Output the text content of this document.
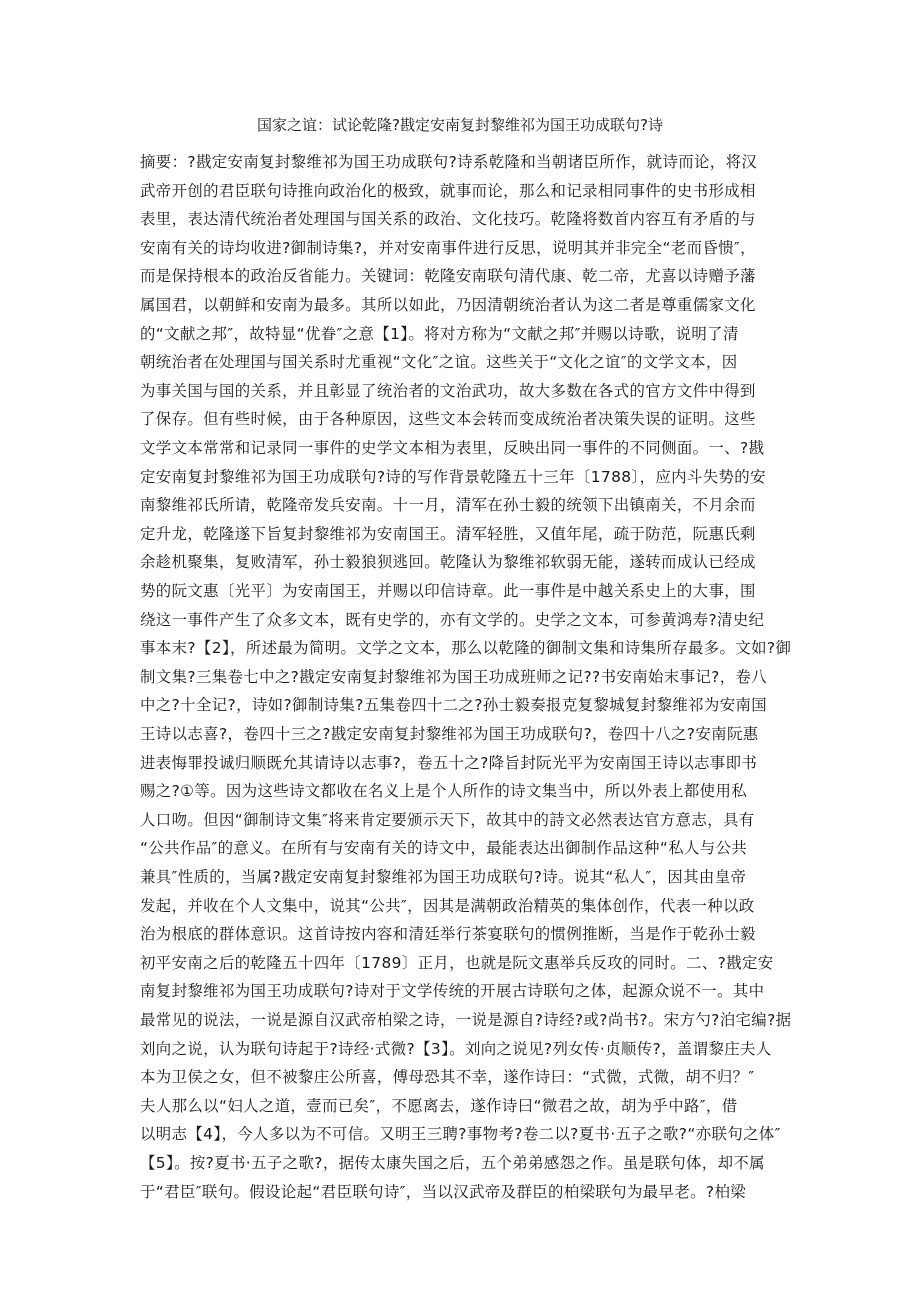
国家之谊：试论乾隆?戡定安南复封黎维祁为国王功成联句?诗
摘要：?戡定安南复封黎维祁为国王功成联句?诗系乾隆和当朝诸臣所作，就诗而论，将汉
武帝开创的君臣联句诗推向政治化的极致，就事而论，那么和记录相同事件的史书形成相
表里，表达清代统治者处理国与国关系的政治、文化技巧。乾隆将数首内容互有矛盾的与
安南有关的诗均收进?御制诗集?，并对安南事件进行反思，说明其并非完全“老而昏愦″，
而是保持根本的政治反省能力。关键词：乾隆安南联句清代康、乾二帝，尤喜以诗赠予藩
属国君，以朝鲜和安南为最多。其所以如此，乃因清朝统治者认为这二者是尊重儒家文化
的“文献之邦″，故特显“优眷″之意【1】。将对方称为“文献之邦″并赐以诗歌，说明了清
朝统治者在处理国与国关系时尤重视“文化″之谊。这些关于“文化之谊″的文学文本，因
为事关国与国的关系，并且彰显了统治者的文治武功，故大多数在各式的官方文件中得到
了保存。但有些时候，由于各种原因，这些文本会转而变成统治者决策失误的证明。这些
文学文本常常和记录同一事件的史学文本相为表里，反映出同一事件的不同侧面。一、?戡
定安南复封黎维祁为国王功成联句?诗的写作背景乾隆五十三年〔1788〕，应内斗失势的安
南黎维祁氏所请，乾隆帝发兵安南。十一月，清军在孙士毅的统领下出镇南关，不月余而
定升龙，乾隆遂下旨复封黎维祁为安南国王。清军轻胜，又值年尾，疏于防范，阮惠氏剩
余趁机聚集，复败清军，孙士毅狼狈逃回。乾隆认为黎维祁软弱无能，遂转而成认已经成
势的阮文惠〔光平〕为安南国王，并赐以印信诗章。此一事件是中越关系史上的大事，围
绕这一事件产生了众多文本，既有史学的，亦有文学的。史学之文本，可参黄鸿寿?清史纪
事本末?【2】，所述最为简明。文学之文本，那么以乾隆的御制文集和诗集所存最多。文如?御
制文集?三集卷七中之?戡定安南复封黎维祁为国王功成班师之记??书安南始末事记?，卷八
中之?十全记?，诗如?御制诗集?五集卷四十二之?孙士毅奏报克复黎城复封黎维祁为安南国
王诗以志喜?，卷四十三之?戡定安南复封黎维祁为国王功成联句?，卷四十八之?安南阮惠
进表悔罪投诚归顺既允其请诗以志事?，卷五十之?降旨封阮光平为安南国王诗以志事即书
赐之?①等。因为这些诗文都收在名义上是个人所作的诗文集当中，所以外表上都使用私
人口吻。但因“御制诗文集″将来肯定要颁示天下，故其中的詩文必然表达官方意志，具有
“公共作品″的意义。在所有与安南有关的诗文中，最能表达出御制作品这种“私人与公共
兼具″性质的，当属?戡定安南复封黎维祁为国王功成联句?诗。说其“私人″，因其由皇帝
发起，并收在个人文集中，说其“公共″，因其是满朝政治精英的集体创作，代表一种以政
治为根底的群体意识。这首诗按内容和清廷举行茶宴联句的惯例推断，当是作于乾孙士毅
初平安南之后的乾隆五十四年〔1789〕正月，也就是阮文惠举兵反攻的同时。二、?戡定安
南复封黎维祁为国王功成联句?诗对于文学传统的开展古诗联句之体，起源众说不一。其中
最常见的说法，一说是源自汉武帝柏梁之诗，一说是源自?诗经?或?尚书?。宋方勺?泊宅编?据
刘向之说，认为联句诗起于?诗经·式微?【3】。刘向之说见?列女传·贞顺传?，盖谓黎庄夫人
本为卫侯之女，但不被黎庄公所喜，傅母恐其不幸，遂作诗曰：“式微，式微，胡不归？″
夫人那么以“妇人之道，壹而已矣″，不愿离去，遂作诗曰“微君之故，胡为乎中路″，借
以明志【4】，今人多以为不可信。又明王三聘?事物考?卷二以?夏书·五子之歌?“亦联句之体″
【5】。按?夏书·五子之歌?，据传太康失国之后，五个弟弟感怨之作。虽是联句体，却不属
于“君臣″联句。假设论起“君臣联句诗″，当以汉武帝及群臣的柏梁联句为最早老。?柏梁
